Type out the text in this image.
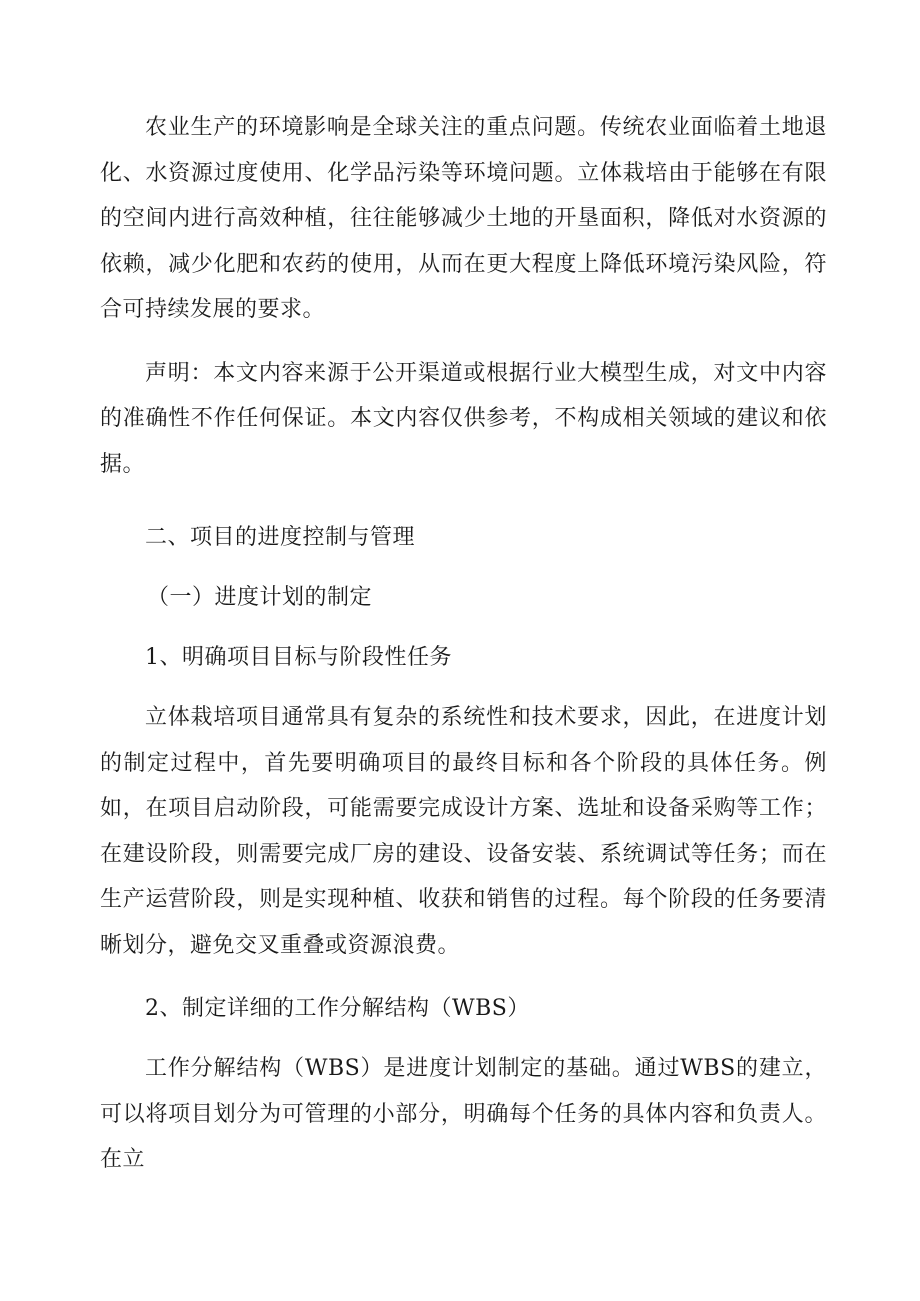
农业生产的环境影响是全球关注的重点问题。传统农业面临着土地退化、水资源过度使用、化学品污染等环境问题。立体栽培由于能够在有限的空间内进行高效种植，往往能够减少土地的开垦面积，降低对水资源的依赖，减少化肥和农药的使用，从而在更大程度上降低环境污染风险，符合可持续发展的要求。

声明：本文内容来源于公开渠道或根据行业大模型生成，对文中内容的准确性不作任何保证。本文内容仅供参考，不构成相关领域的建议和依据。

二、项目的进度控制与管理

（一）进度计划的制定

1、明确项目目标与阶段性任务

立体栽培项目通常具有复杂的系统性和技术要求，因此，在进度计划的制定过程中，首先要明确项目的最终目标和各个阶段的具体任务。例如，在项目启动阶段，可能需要完成设计方案、选址和设备采购等工作；在建设阶段，则需要完成厂房的建设、设备安装、系统调试等任务；而在生产运营阶段，则是实现种植、收获和销售的过程。每个阶段的任务要清晰划分，避免交叉重叠或资源浪费。

2、制定详细的工作分解结构（WBS）

工作分解结构（WBS）是进度计划制定的基础。通过WBS的建立，可以将项目划分为可管理的小部分，明确每个任务的具体内容和负责人。在立
